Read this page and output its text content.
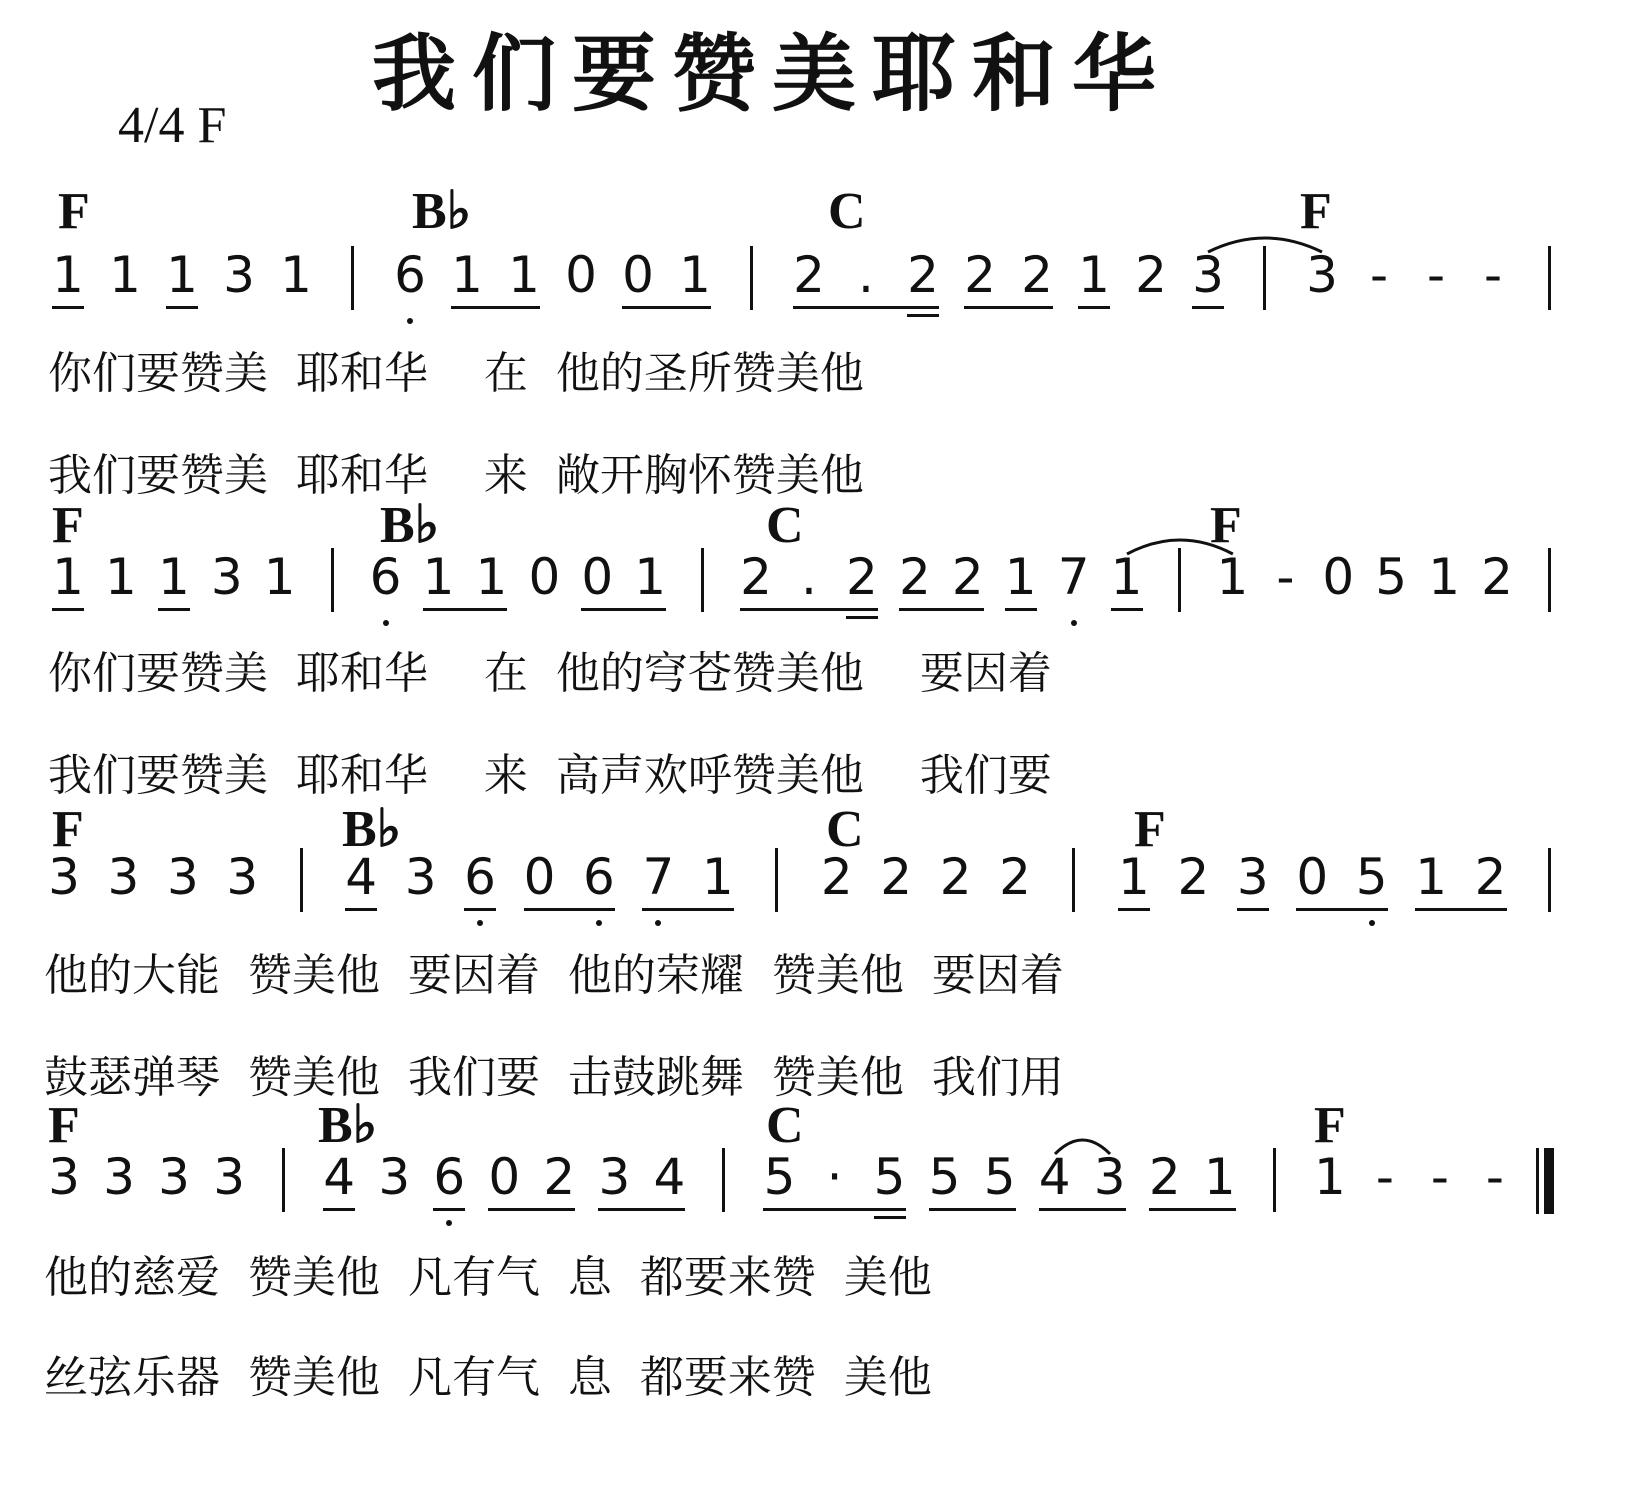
我们要赞美耶和华
4/4 F
F	B♭	C	F
1 1 1 3 1 6 1 1 0 0 1 2 . 2 2 2 1 2 3 3 - - -
你们要赞美  耶和华    在  他的圣所赞美他
我们要赞美  耶和华    来  敞开胸怀赞美他
F	B♭	C	F
1 1 1 3 1 6 1 1 0 0 1 2 . 2 2 2 1 7 1 1 - 0 5 1 2
你们要赞美  耶和华    在  他的穹苍赞美他    要因着
我们要赞美  耶和华    来  高声欢呼赞美他    我们要
F	B♭	C	F
3 3 3 3 4 3 6 0 6 7 1 2 2 2 2 1 2 3 0 5 1 2
他的大能  赞美他  要因着  他的荣耀  赞美他  要因着
鼓瑟弹琴  赞美他  我们要  击鼓跳舞  赞美他  我们用
F	B♭	C	F
3 3 3 3 4 3 6 0 2 3 4 5 · 5 5 5 4 3 2 1 1 - - -
他的慈爱  赞美他  凡有气  息  都要来赞  美他
丝弦乐器  赞美他  凡有气  息  都要来赞  美他
